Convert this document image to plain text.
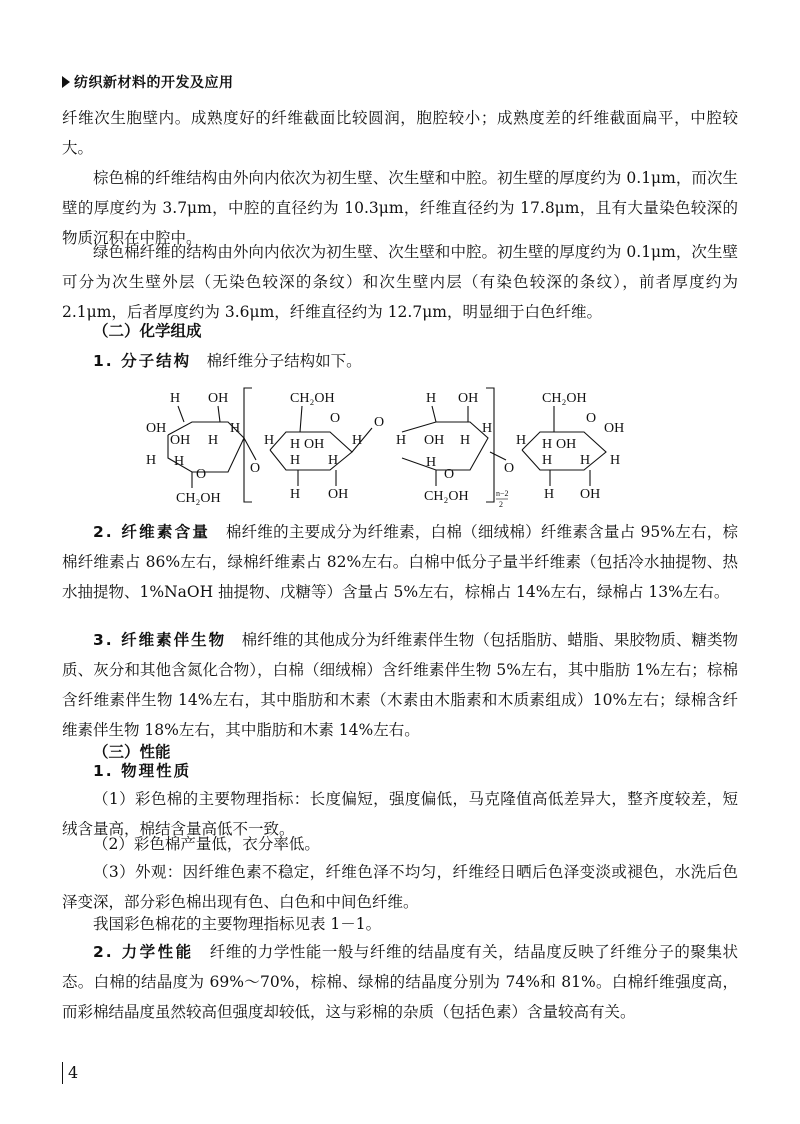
纺织新材料的开发及应用

纤维次生胞壁内。成熟度好的纤维截面比较圆润，胞腔较小；成熟度差的纤维截面扁平，中腔较大。

棕色棉的纤维结构由外向内依次为初生壁、次生壁和中腔。初生壁的厚度约为 0.1μm，而次生壁的厚度约为 3.7μm，中腔的直径约为 10.3μm，纤维直径约为 17.8μm，且有大量染色较深的物质沉积在中腔中。

绿色棉纤维的结构由外向内依次为初生壁、次生壁和中腔。初生壁的厚度约为 0.1μm，次生壁可分为次生壁外层（无染色较深的条纹）和次生壁内层（有染色较深的条纹），前者厚度约为 2.1μm，后者厚度约为 3.6μm，纤维直径约为 12.7μm，明显细于白色纤维。

（二）化学组成

1. 分子结构　 棉纤维分子结构如下。

H OH
OH
OH H
H H
O
H
CH₂OH
O
CH₂OH
O
H H OH H
H H
H OH
O
H OH
H OH H
H
O
H
CH₂OH	n−2
2
O
CH₂OH
O
H H OH
OH
H H H
H OH

2. 纤维素含量　 棉纤维的主要成分为纤维素，白棉（细绒棉）纤维素含量占 95%左右，棕棉纤维素占 86%左右，绿棉纤维素占 82%左右。白棉中低分子量半纤维素（包括冷水抽提物、热水抽提物、1%NaOH 抽提物、戊糖等）含量占 5%左右，棕棉占 14%左右，绿棉占 13%左右。

3. 纤维素伴生物　 棉纤维的其他成分为纤维素伴生物（包括脂肪、蜡脂、果胶物质、糖类物质、灰分和其他含氮化合物），白棉（细绒棉）含纤维素伴生物 5%左右，其中脂肪 1%左右；棕棉含纤维素伴生物 14%左右，其中脂肪和木素（木素由木脂素和木质素组成）10%左右；绿棉含纤维素伴生物 18%左右，其中脂肪和木素 14%左右。

（三）性能

1. 物理性质

（1）彩色棉的主要物理指标：长度偏短，强度偏低，马克隆值高低差异大，整齐度较差，短绒含量高，棉结含量高低不一致。

（2）彩色棉产量低，衣分率低。

（3）外观：因纤维色素不稳定，纤维色泽不均匀，纤维经日晒后色泽变淡或褪色，水洗后色泽变深，部分彩色棉出现有色、白色和中间色纤维。

我国彩色棉花的主要物理指标见表 1－1。

2. 力学性能　 纤维的力学性能一般与纤维的结晶度有关，结晶度反映了纤维分子的聚集状态。白棉的结晶度为 69%～70%，棕棉、绿棉的结晶度分别为 74%和 81%。白棉纤维强度高，而彩棉结晶度虽然较高但强度却较低，这与彩棉的杂质（包括色素）含量较高有关。

4
